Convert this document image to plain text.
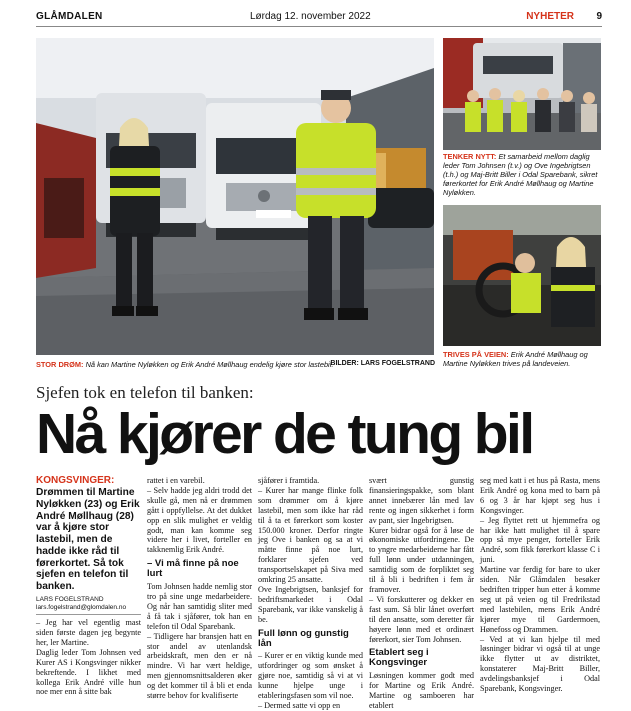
GLÅMDALEN	Lørdag 12. november 2022	NYHETER 9
TENKER NYTT: Et samarbeid mellom daglig leder Tom Johnsen (t.v.) og Ove Ingebrigtsen (t.h.) og Maj-Britt Biller i Odal Sparebank, sikret førerkortet for Erik André Møllhaug og Martine Nyløkken.
TRIVES PÅ VEIEN: Erik André Møllhaug og Martine Nyløkken trives på landeveien.
STOR DRØM: Nå kan Martine Nyløkken og Erik André Møllhaug endelig kjøre stor lastebil.
BILDER: LARS FOGELSTRAND
Sjefen tok en telefon til banken:
Nå kjører de tung bil
KONGSVINGER:
Drømmen til Martine Nyløkken (23) og Erik André Møllhaug (28) var å kjøre stor lastebil, men de hadde ikke råd til førerkortet. Så tok sjefen en telefon til banken.
LARS FOGELSTRAND
lars.fogelstrand@glomdalen.no

– Jeg har vel egentlig mast siden første dagen jeg begynte her, ler Martine.
Daglig leder Tom Johnsen ved Kurer AS i Kongsvinger nikker bekreftende. I likhet med kollega Erik André ville hun noe mer enn å sitte bak

rattet i en varebil.
– Selv hadde jeg aldri trodd det skulle gå, men nå er drømmen gått i oppfyllelse. At det dukket opp en slik mulighet er veldig godt, man kan komme seg videre her i livet, forteller en takknemlig Erik André.

– Vi må finne på noe lurt

Tom Johnsen hadde nemlig stor tro på sine unge medarbeidere. Og når han samtidig sliter med å få tak i sjåfører, tok han en telefon til Odal Sparebank.
– Tidligere har bransjen hatt en stor andel av utenlandsk arbeidskraft, men den er nå mindre. Vi har vært heldige, men gjennomsnittsalderen øker og det kommer til å bli et enda større behov for kvalifiserte

sjåfører i framtida.
– Kurer har mange flinke folk som drømmer om å kjøre lastebil, men som ikke har råd til å ta et førerkort som koster 150.000 kroner. Derfor ringte jeg Ove i banken og sa at vi måtte finne på noe lurt, forklarer sjefen ved transportselskapet på Siva med omkring 25 ansatte.
Ove Ingebrigtsen, banksjef for bedriftsmarkedet i Odal Sparebank, var ikke vanskelig å be.

Full lønn og gunstig lån

– Kurer er en viktig kunde med utfordringer og som ønsket å gjøre noe, samtidig så vi at vi kunne hjelpe unge i etableringsfasen som vil noe.
– Dermed satte vi opp en

svært gunstig finansieringspakke, som blant annet innebærer lån med lav rente og ingen sikkerhet i form av pant, sier Ingebrigtsen.
Kurer bidrar også for å løse de økonomiske utfordringene. De to yngre medarbeiderne har fått full lønn under utdanningen, samtidig som de forpliktet seg til å bli i bedriften i fem år framover.
– Vi forskutterer og dekker en fast sum. Så blir lånet overført til den ansatte, som deretter får høyere lønn med et ordinært førerkort, sier Tom Johnsen.

Etablert seg i Kongsvinger

Løsningen kommer godt med for Martine og Erik André. Martine og samboeren har etablert

seg med katt i et hus på Rasta, mens Erik André og kona med to barn på 6 og 3 år har kjøpt seg hus i Kongsvinger.
– Jeg flyttet rett ut hjemmefra og har ikke hatt mulighet til å spare opp så mye penger, forteller Erik André, som fikk førerkort klasse C i juni.
Martine var ferdig for bare to uker siden. Når Glåmdalen besøker bedriften tripper hun etter å komme seg ut på veien og til Fredrikstad med lastebilen, mens Erik André kjører mye til Gardermoen, Hønefoss og Drammen.
– Ved at vi kan hjelpe til med løsninger bidrar vi også til at unge ikke flytter ut av distriktet, konstaterer Maj-Britt Biller, avdelingsbanksjef i Odal Sparebank, Kongsvinger.
